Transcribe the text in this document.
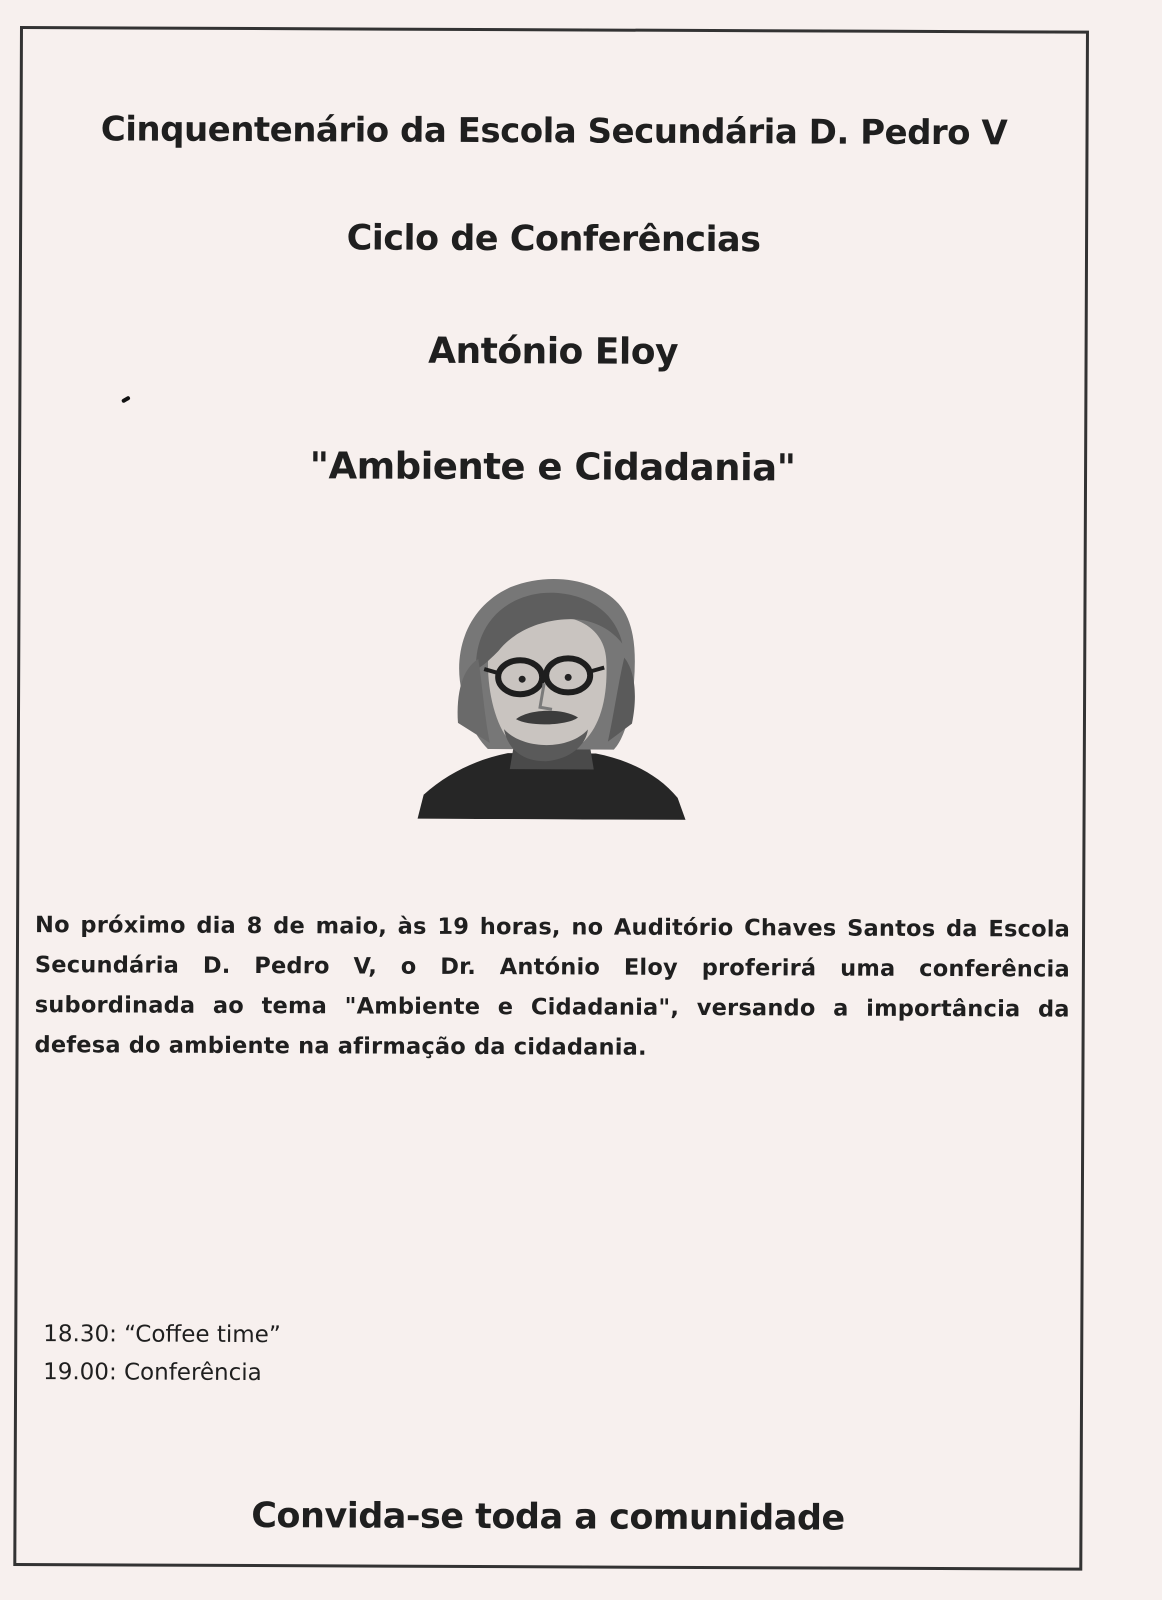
Cinquentenário da Escola Secundária D. Pedro V
Ciclo de Conferências
António Eloy
"Ambiente e Cidadania"
No próximo dia 8 de maio, às 19 horas, no Auditório Chaves Santos da Escola Secundária D. Pedro V, o Dr. António Eloy proferirá uma conferência subordinada ao tema "Ambiente e Cidadania", versando a importância da defesa do ambiente na afirmação da cidadania.
18.30: “Coffee time”
19.00: Conferência
Convida-se toda a comunidade
